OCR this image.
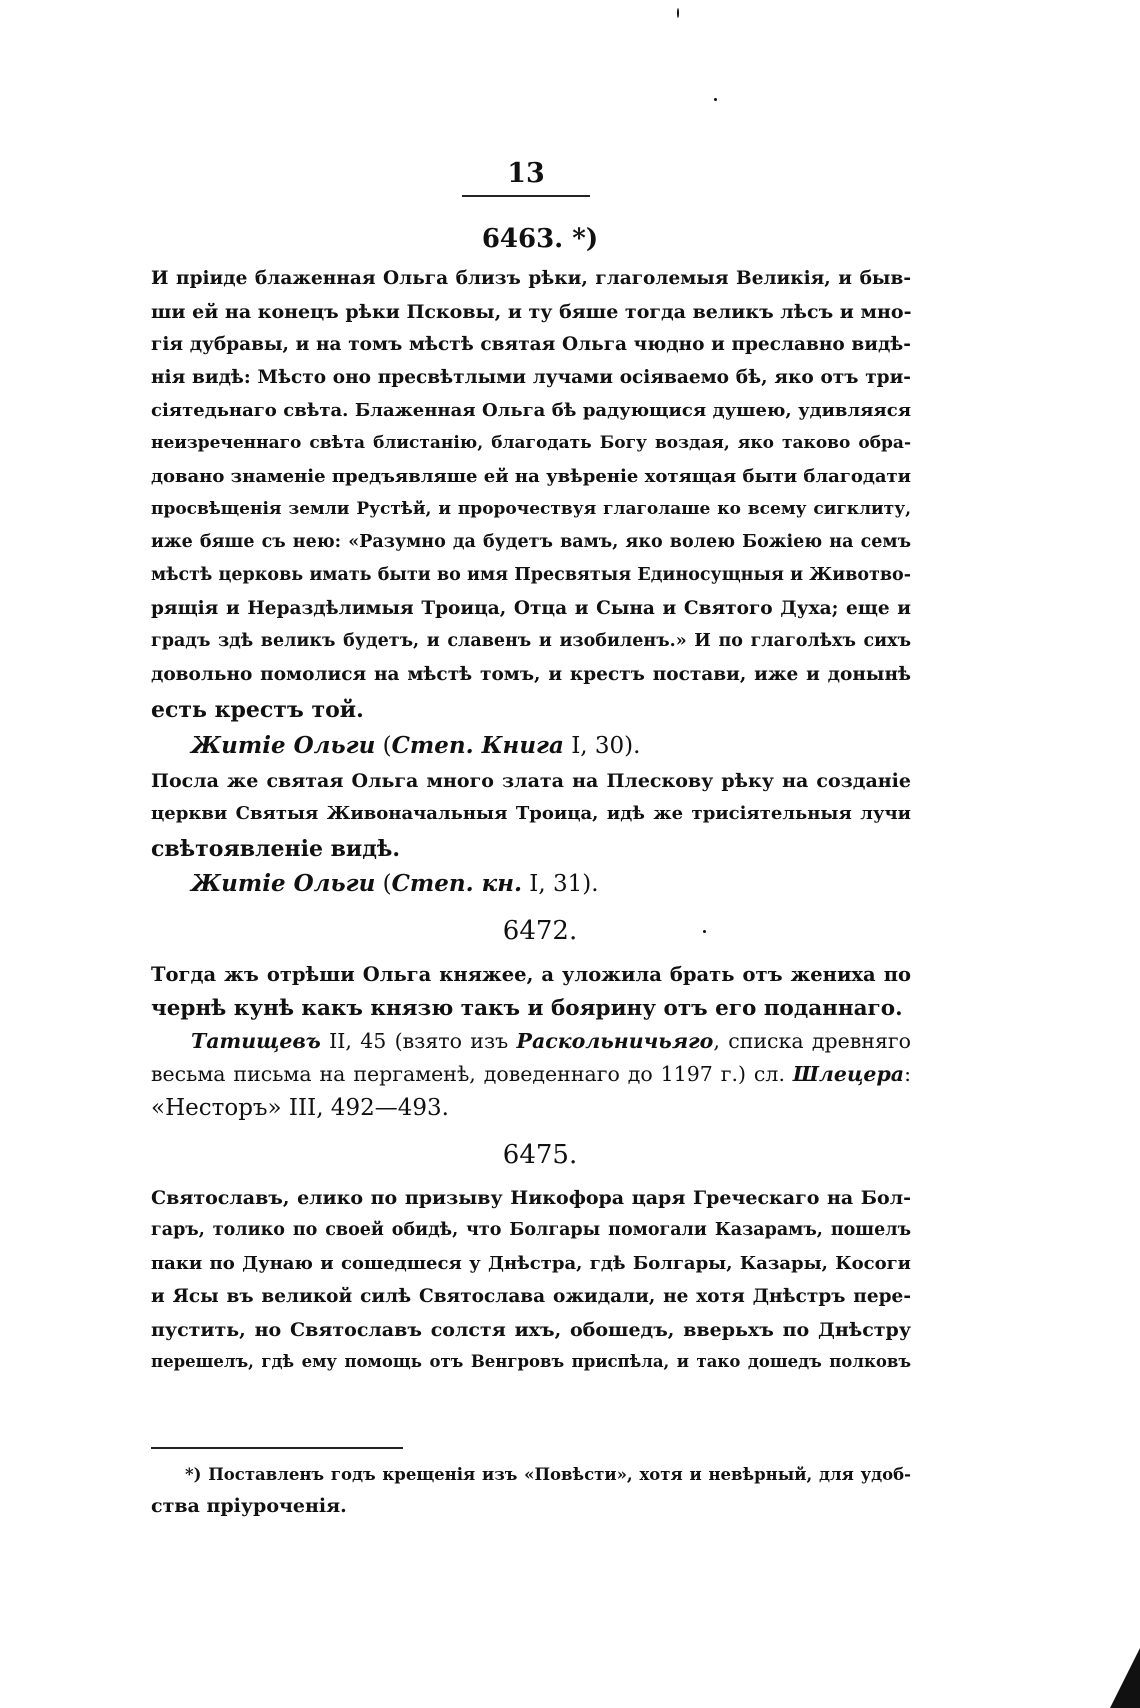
13
6463. *)
И прiиде блаженная Ольга близъ рѣки, глаголемыя Великiя, и быв-
ши ей на конецъ рѣки Псковы, и ту бяше тогда великъ лѣсъ и мно-
гiя дубравы, и на томъ мѣстѣ святая Ольга чюдно и преславно видѣ-
нiя видѣ: Мѣсто оно пресвѣтлыми лучами осiяваемо бѣ, яко отъ три-
сiятедьнаго свѣта. Блаженная Ольга бѣ радующися душею, удивляяся
неизреченнаго свѣта блистанiю, благодать Богу воздая, яко таково обра-
довано знаменiе предъявляше ей на увѣренiе хотящая быти благодати
просвѣщенiя земли Руcтѣй, и пророчествуя глаголаше ко всему сигклиту,
иже бяше съ нею: «Разумно да будетъ вамъ, яко волею Божiею на семъ
мѣстѣ церковь имать быти во имя Пресвятыя Единосущныя и Животво-
рящiя и Нераздѣлимыя Троица, Отца и Сына и Святого Духа; еще и
градъ здѣ великъ будетъ, и славенъ и изобиленъ.» И по глаголѣхъ сихъ
довольно помолися на мѣстѣ томъ, и крестъ постави, иже и донынѣ
есть крестъ той.
Житiе Ольги (Степ. Книга I, 30).
Посла же святая Ольга много злата на Плескову рѣку на созданiе
церкви Святыя Живоначальныя Троица, идѣ же трисiятельныя лучи
свѣтоявленiе видѣ.
Житiе Ольги (Степ. кн. I, 31).
6472.
Тогда жъ отрѣши Ольга княжее, а уложила брать отъ жениха по
чернѣ кунѣ какъ князю такъ и боярину отъ его поданнаго.
Татищевъ II, 45 (взято изъ Раскольничьяго, списка древняго
весьма письма на пергаменѣ, доведеннаго до 1197 г.) сл. Шлецера:
«Несторъ» III, 492—493.
6475.
Святославъ, елико по призыву Никофора царя Греческаго на Бол-
гаръ, толико по своей обидѣ, что Болгары помогали Казарамъ, пошелъ
паки по Дунаю и сошедшеся у Днѣстра, гдѣ Болгары, Казары, Косоги
и Ясы въ великой силѣ Святослава ожидали, не хотя Днѣстръ пере-
пустить, но Святославъ солстя ихъ, обошедъ, вверьхъ по Днѣстру
перешелъ, гдѣ ему помощь отъ Венгровъ приспѣла, и тако дошедъ полковъ
*) Поставленъ годъ крещенiя изъ «Повѣсти», хотя и невѣрный, для удоб-
ства прiуроченiя.
